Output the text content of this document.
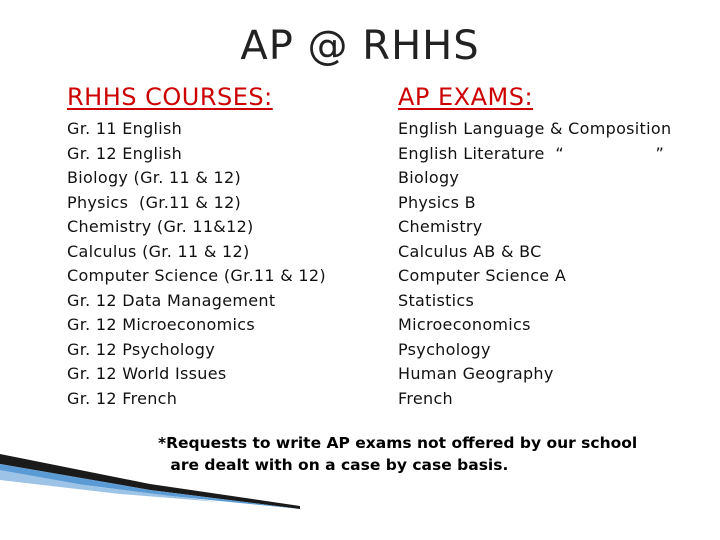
AP @ RHHS
RHHS COURSES:	AP EXAMS:
Gr. 11 English
Gr. 12 English
Biology (Gr. 11 & 12)
Physics  (Gr.11 & 12)
Chemistry (Gr. 11&12)
Calculus (Gr. 11 & 12)
Computer Science (Gr.11 & 12)
Gr. 12 Data Management
Gr. 12 Microeconomics
Gr. 12 Psychology
Gr. 12 World Issues
Gr. 12 French
English Language & Composition
English Literature  “                 ”
Biology
Physics B
Chemistry
Calculus AB & BC
Computer Science A
Statistics
Microeconomics
Psychology
Human Geography
French
*Requests to write AP exams not offered by our school
are dealt with on a case by case basis.
